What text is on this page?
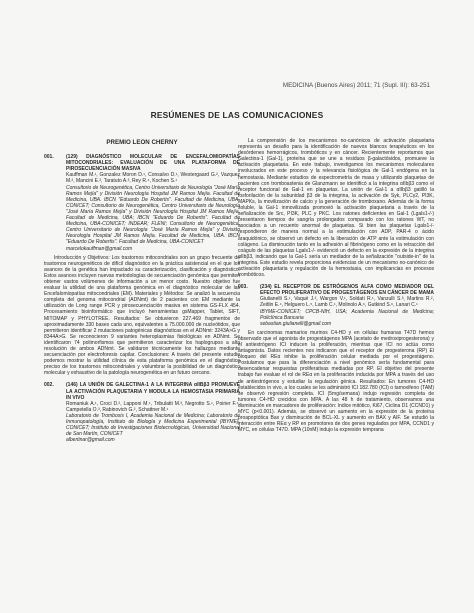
MEDICINA (Buenos Aires) 2011; 71 (Supl. III): 63-251
RESÚMENES DE LAS COMUNICACIONES
PREMIO LEON CHERNY
001.	(129) DIAGNÓSTICO MOLECULAR DE ENCEFALOMIOPATÍAS MITOCONDRIALES: EVALUACIÓN DE UNA PLATAFORMA DE PIROSECUENCIACIÓN MASIVA
Kauffman M.¹, Gonzalez Moron D.¹, Consalvo D.¹, Westergaard G.², Vazquez M.², Mancini E.², Taratuto A.³, Rey R.⁴, Kochen S.¹
Consultorio de Neurogenética, Centro Universitario de Neurología "José María Ramos Mejía" y División Neurología Hospital JM Ramos Mejía. Facultad de Medicina, UBA. IBCN "Eduardo De Robertis". Facultad de Medicina, UBA-CONICET; Consultorio de Neurogenética, Centro Universitario de Neurología "José María Ramos Mejía" y División Neurología Hospital JM Ramos Mejía. Facultad de Medicina, UBA; IBCN "Eduardo De Robertis". Facultad de Medicina, UBA-CONICET; INDEAR; FLENI; Consultorio de Neurogenética, Centro Universitario de Neurología "José María Ramos Mejía" y División Neurología Hospital JM Ramos Mejía. Facultad de Medicina, UBA. IBCN "Eduardo De Robertis". Facultad de Medicina, UBA-CONICET
marcelokauffman@gmail.com

Introducción y Objetivos: Los trastornos mitocondriales son un grupo frecuente de trastornos neurogenéticos de difícil diagnóstico en la práctica asistencial en el que los avances de la genética han impactado su caracterización, clasificación y diagnóstico. Estos avances incluyen nuevas metodologías de secuenciación genómica que permiten obtener vastos volúmenes de información a un menor costo. Nuestro objetivo fue evaluar la utilidad de una plataforma genómica en el diagnóstico molecular de las Encefalomiopatías mitocondriales (EM). Materiales y Métodos: Se analizó la secuencia completa del genoma mitocondrial (ADNmt) de 2 pacientes con EM mediante la utilización de Long range PCR y pirosecuenciación masiva en sistema GS-FLX 454. Procesamiento bioinformático que incluyó herramientas gsMapper, Tablet, SIFT, MITOMAP y PHYLOTREE. Resultados: Se obtuvieron 227.469 fragmentos de aproximadamente 330 bases cada uno, equivalentes a 75.000.000 de nucleótidos, que permitieron identificar 2 mutaciones patogénicas diagnósticas en el ADNmt: 3243A>G y 8344A>G. Se reconocieron 9 variantes heteroplasmias fisiológicas en ADNmt. Se identificaron 74 polimorfismos que permitieron caracterizar los haplogrupos a alta resolución de ambos ADNmt. Se validaron técnicamente los hallazgos mediante secuenciación por electroforesis capilar. Conclusiones: A través del presente estudio podemos mostrar la utilidad clínica de esta plataforma genómica en el diagnóstico preciso de los trastornos mitocondriales y vislumbrar la posibilidad de un diagnóstico molecular y exhaustivo de la patología neurogenética en un futuro cercano.

002.	(146) LA UNIÓN DE GALECTINA-1 A LA INTEGRINA αIIBβ3 PROMUEVE LA ACTIVACIÓN PLAQUETARIA Y MODULA LA HEMOSTASIA PRIMARIA IN VIVO
Romaniuk A.¹, Croci D.², Lapponi M.¹, Tribulatti M.³, Negrotto S.¹, Poirier F.⁴, Campetella O.³, Rabinovich G.², Schattner M.¹
Laboratorio de Trombosis I, Academia Nacional de Medicina; Laboratorio de Inmunopatología, Instituto de Biología y Medicina Experimental (IBYME), CONICET; Instituto de Investigaciones Biotecnológicas, Universidad Nacional de San Martín, CONICET
albertinar@gmail.com

La comprensión de los mecanismos no-canónicos de activación plaquetaria representa un desafío para la identificación de nuevos blancos terapéuticos en los desórdenes hemorrágicos, trombóticos y en cáncer. Recientemente reportamos que Galectina-1 (Gal-1), proteína que se une a residuos β-galactósidos, promueve la activación plaquetaria. En este trabajo, investigamos los mecanismos moleculares involucrados en este proceso y la relevancia fisiológica de Gal-1 endógena en la hemostasia. Mediante estudios de espectrometría de masa y utilizando plaquetas de pacientes con tromboastenia de Glanzmann se identificó a la integrina αIIbβ3 como el receptor funcional de Gal-1 en plaquetas. La unión de Gal-1 a αIIbβ3 gatilló la fosforilación de la subunidad β3 de la integrina, la activación de Syk, PLCγ2, PI3K, MAPKs, la movilización de calcio y la generación de tromboxano. Además de la forma soluble, la Gal-1 inmovilizada promovió la activación plaquetaria a través de la señalización de Src, PI3K, PLC y PKC. Los ratones deficientes en Gal-1 (Lgals1-/-) presentaron tiempos de sangría prolongados comparado con los ratones WT, no asociados a un recuento anormal de plaquetas. Si bien las plaquetas Lgals1-/- respondieron de manera normal a la estimulación con ADP, PAR-4 o ácido araquidónico, se observó un defecto en la liberación de ATP ante la estimulación con colágeno. La disminución tanto en la adhesión al fibrinógeno como en la retracción del coágulo de las plaquetas Lgals1-/- evidenció un defecto en la expresión de la integrina αIIbβ3, indicando que la Gal-1 sería un mediador de la señalización "outside-in" de la integrina. Este estudio revela proporciona evidencias de un mecanismo no-canónico de activación plaquetaria y regulación de la hemostasia, con implicancias en procesos trombóticos.

003.	(234) EL RECEPTOR DE ESTRÓGENOS ALFA COMO MEDIADOR DEL EFECTO PROLIFERATIVO DE PROGESTÁGENOS EN CÁNCER DE MAMA
Giulianelli S.¹, Vaqué J.², Wargon V.¹, Soldati R.¹, Vanzulli S.³, Martins R.², Zeitlin E.⁴, Helguero L.⁵, Lamb C.¹, Molinolo A.⁶, Gutkind S.⁶, Lanari C.¹
IBYME-CONICET; CPCB-NIH, USA; Academia Nacional de Medicina; Policlínica Bancaria
sebastian.giulianelli@gmail.com

En carcinomas mamarios murinos C4-HD y en células humanas T47D hemos observado que el agonista de progestágenos MPA (acetato de medroxiprogesterona) y el antiestrógeno ICI inducen la proliferación, mientras que ICI no actúa como antagonista. Datos recientes nos indicaron que el receptor de progesterona (RP) El bloqueo del REα inhibe la proliferación celular mediada por el progestágeno. Postulamos que para la diferenciación a nivel genómico sería fundamental para desencadenar respuestas proliferativas mediadas por RP. El objetivo del presente trabajo fue evaluar el rol de REα en la proliferación inducida por MPA a través del uso de antiestrógenos y estudiar la regulación génica. Resultados: En tumores C4-HD establecidos in vivo, a los cuales se les administró ICI 182.780 (ICI) o tamoxifeno (TAM) se observó regresión completa. ICI (5mg/semana) indujo regresión completa de tumores C4-HD crecidos con MPA. A las 48 h de tratamiento, observamos una disminución en marcadores de proliferación: índice mitótico, Ki67, Ciclina D1 (CCND1) y MYC (p<0.001). Además, se observó un aumento en la expresión de la proteína proapoptótica Bax y disminución de BCL-XL y aumento en BAX y AIF. Se estudió la interacción entre REα y RP en promotores de dos genes regulados por MPA, CCND1 y MYC, en células T47D. MPA (10nM) indujo la expresión temprana
